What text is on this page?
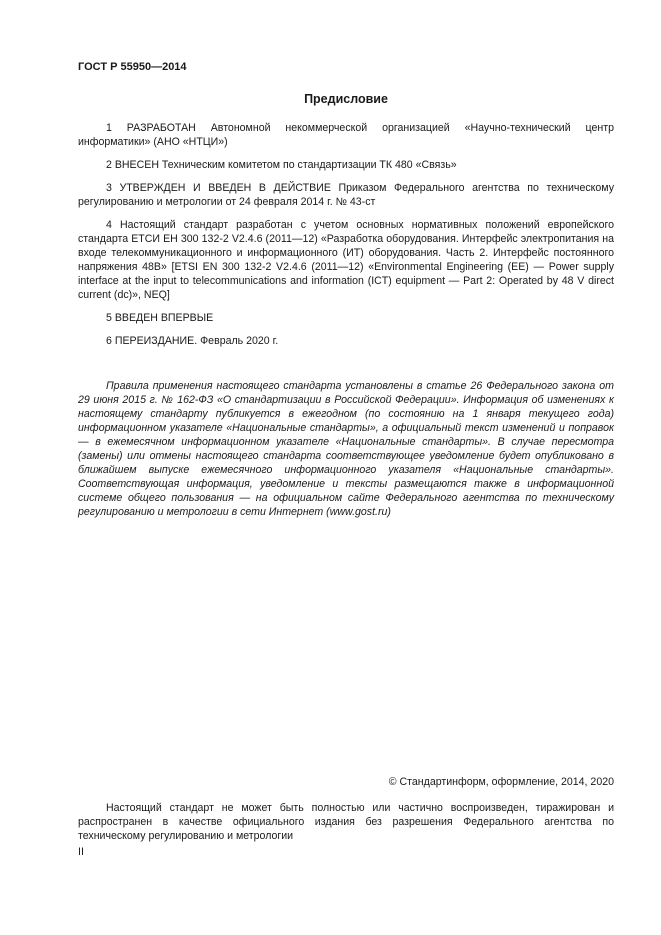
ГОСТ Р 55950—2014
Предисловие

1 РАЗРАБОТАН Автономной некоммерческой организацией «Научно-технический центр информатики» (АНО «НТЦИ»)

2 ВНЕСЕН Техническим комитетом по стандартизации ТК 480 «Связь»

3 УТВЕРЖДЕН И ВВЕДЕН В ДЕЙСТВИЕ Приказом Федерального агентства по техническому регулированию и метрологии от 24 февраля 2014 г. № 43-ст

4 Настоящий стандарт разработан с учетом основных нормативных положений европейского стандарта ЕТСИ ЕН 300 132-2 V2.4.6 (2011—12) «Разработка оборудования. Интерфейс электропитания на входе телекоммуникационного и информационного (ИТ) оборудования. Часть 2. Интерфейс постоянного напряжения 48В» [ETSI EN 300 132-2 V2.4.6 (2011—12) «Environmental Engineering (EE) — Power supply interface at the input to telecommunications and information (ICT) equipment — Part 2: Operated by 48 V direct current (dc)», NEQ]

5 ВВЕДЕН ВПЕРВЫЕ

6 ПЕРЕИЗДАНИЕ. Февраль 2020 г.

Правила применения настоящего стандарта установлены в статье 26 Федерального закона от 29 июня 2015 г. № 162-ФЗ «О стандартизации в Российской Федерации». Информация об изменениях к настоящему стандарту публикуется в ежегодном (по состоянию на 1 января текущего года) информационном указателе «Национальные стандарты», а официальный текст изменений и поправок — в ежемесячном информационном указателе «Национальные стандарты». В случае пересмотра (замены) или отмены настоящего стандарта соответствующее уведомление будет опубликовано в ближайшем выпуске ежемесячного информационного указателя «Национальные стандарты». Соответствующая информация, уведомление и тексты размещаются также в информационной системе общего пользования — на официальном сайте Федерального агентства по техническому регулированию и метрологии в сети Интернет (www.gost.ru)

© Стандартинформ, оформление, 2014, 2020

Настоящий стандарт не может быть полностью или частично воспроизведен, тиражирован и распространен в качестве официального издания без разрешения Федерального агентства по техническому регулированию и метрологии

II
